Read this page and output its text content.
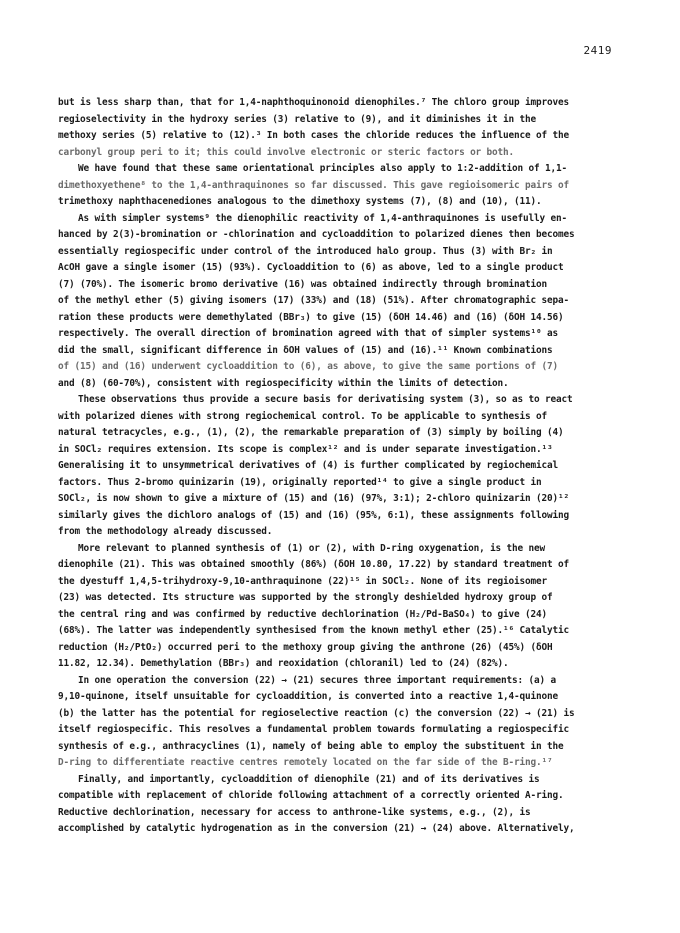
2419
but is less sharp than, that for 1,4-naphthoquinonoid dienophiles.⁷ The chloro group improves
regioselectivity in the hydroxy series (3) relative to (9), and it diminishes it in the
methoxy series (5) relative to (12).³ In both cases the chloride reduces the influence of the
carbonyl group peri to it; this could involve electronic or steric factors or both.
We have found that these same orientational principles also apply to 1:2-addition of 1,1-
dimethoxyethene⁸ to the 1,4-anthraquinones so far discussed. This gave regioisomeric pairs of
trimethoxy naphthacenediones analogous to the dimethoxy systems (7), (8) and (10), (11).
As with simpler systems⁹ the dienophilic reactivity of 1,4-anthraquinones is usefully en-
hanced by 2(3)-bromination or -chlorination and cycloaddition to polarized dienes then becomes
essentially regiospecific under control of the introduced halo group. Thus (3) with Br₂ in
AcOH gave a single isomer (15) (93%). Cycloaddition to (6) as above, led to a single product
(7) (70%). The isomeric bromo derivative (16) was obtained indirectly through bromination
of the methyl ether (5) giving isomers (17) (33%) and (18) (51%). After chromatographic sepa-
ration these products were demethylated (BBr₃) to give (15) (δOH 14.46) and (16) (δOH 14.56)
respectively. The overall direction of bromination agreed with that of simpler systems¹⁰ as
did the small, significant difference in δOH values of (15) and (16).¹¹ Known combinations
of (15) and (16) underwent cycloaddition to (6), as above, to give the same portions of (7)
and (8) (60-70%), consistent with regiospecificity within the limits of detection.
These observations thus provide a secure basis for derivatising system (3), so as to react
with polarized dienes with strong regiochemical control. To be applicable to synthesis of
natural tetracycles, e.g., (1), (2), the remarkable preparation of (3) simply by boiling (4)
in SOCl₂ requires extension. Its scope is complex¹² and is under separate investigation.¹³
Generalising it to unsymmetrical derivatives of (4) is further complicated by regiochemical
factors. Thus 2-bromo quinizarin (19), originally reported¹⁴ to give a single product in
SOCl₂, is now shown to give a mixture of (15) and (16) (97%, 3:1); 2-chloro quinizarin (20)¹²
similarly gives the dichloro analogs of (15) and (16) (95%, 6:1), these assignments following
from the methodology already discussed.
More relevant to planned synthesis of (1) or (2), with D-ring oxygenation, is the new
dienophile (21). This was obtained smoothly (86%) (δOH 10.80, 17.22) by standard treatment of
the dyestuff 1,4,5-trihydroxy-9,10-anthraquinone (22)¹⁵ in SOCl₂. None of its regioisomer
(23) was detected. Its structure was supported by the strongly deshielded hydroxy group of
the central ring and was confirmed by reductive dechlorination (H₂/Pd-BaSO₄) to give (24)
(68%). The latter was independently synthesised from the known methyl ether (25).¹⁶ Catalytic
reduction (H₂/PtO₂) occurred peri to the methoxy group giving the anthrone (26) (45%) (δOH
11.82, 12.34). Demethylation (BBr₃) and reoxidation (chloranil) led to (24) (82%).
In one operation the conversion (22) → (21) secures three important requirements: (a) a
9,10-quinone, itself unsuitable for cycloaddition, is converted into a reactive 1,4-quinone
(b) the latter has the potential for regioselective reaction (c) the conversion (22) → (21) is
itself regiospecific. This resolves a fundamental problem towards formulating a regiospecific
synthesis of e.g., anthracyclines (1), namely of being able to employ the substituent in the
D-ring to differentiate reactive centres remotely located on the far side of the B-ring.¹⁷
Finally, and importantly, cycloaddition of dienophile (21) and of its derivatives is
compatible with replacement of chloride following attachment of a correctly oriented A-ring.
Reductive dechlorination, necessary for access to anthrone-like systems, e.g., (2), is
accomplished by catalytic hydrogenation as in the conversion (21) → (24) above. Alternatively,
